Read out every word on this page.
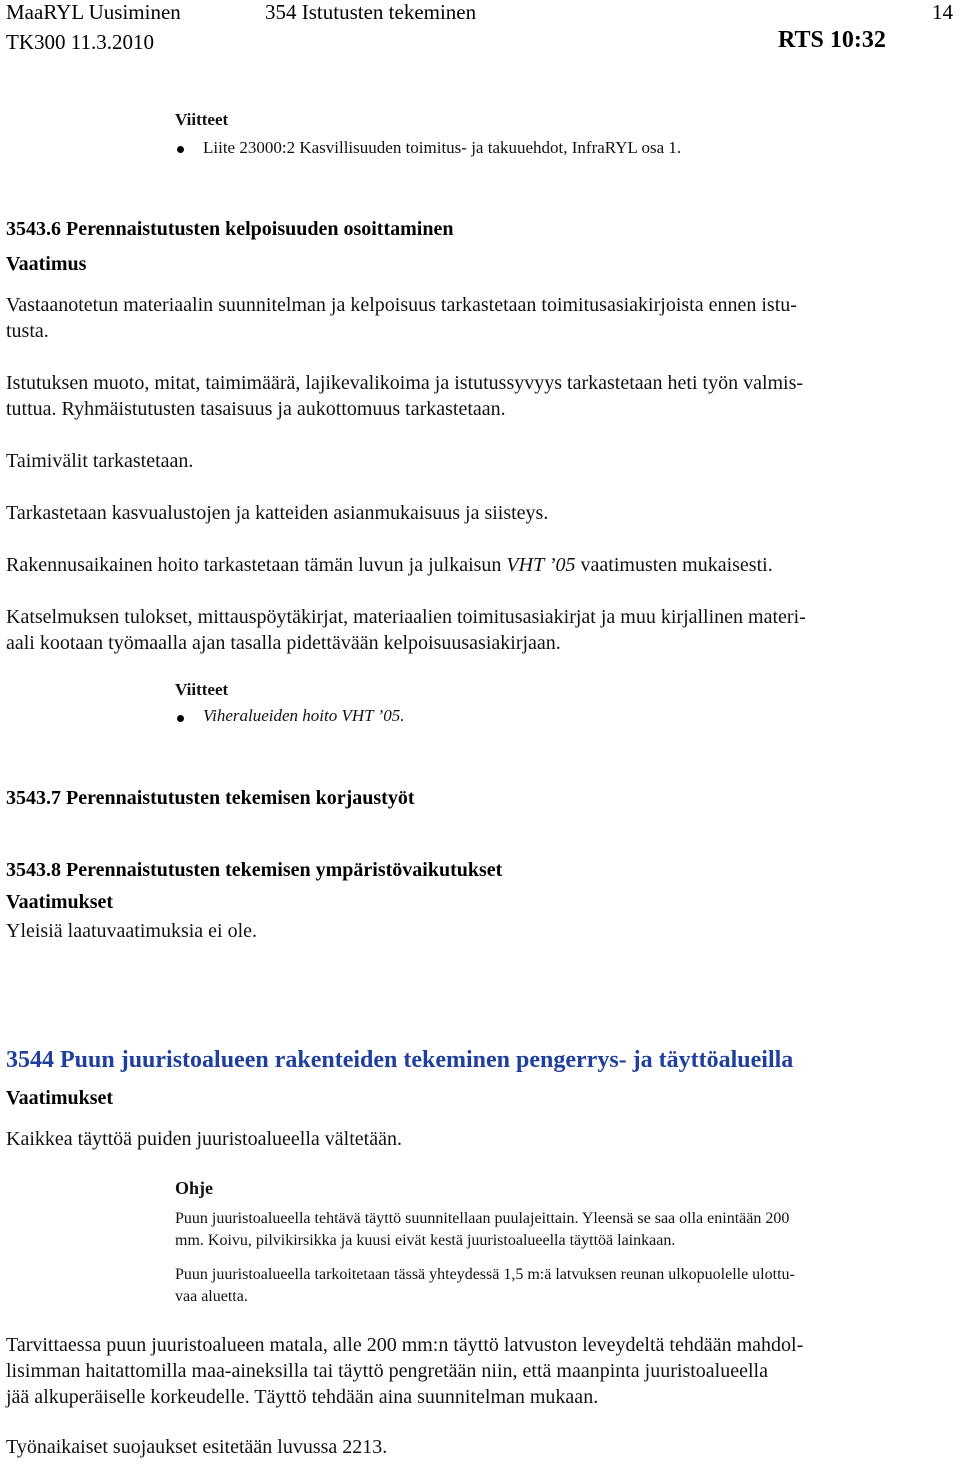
MaaRYL Uusiminen	354 Istutusten tekeminen	14
TK300 11.3.2010	RTS 10:32
Viitteet
Liite 23000:2 Kasvillisuuden toimitus- ja takuuehdot, InfraRYL osa 1.
3543.6 Perennaistutusten kelpoisuuden osoittaminen
Vaatimus
Vastaanotetun materiaalin suunnitelman ja kelpoisuus tarkastetaan toimitusasiakirjoista ennen istu-
tusta.
Istutuksen muoto, mitat, taimimäärä, lajikevalikoima ja istutussyvyys tarkastetaan heti työn valmis-
tuttua. Ryhmäistutusten tasaisuus ja aukottomuus tarkastetaan.
Taimivälit tarkastetaan.
Tarkastetaan kasvualustojen ja katteiden asianmukaisuus ja siisteys.
Rakennusaikainen hoito tarkastetaan tämän luvun ja julkaisun VHT ’05 vaatimusten mukaisesti.
Katselmuksen tulokset, mittauspöytäkirjat, materiaalien toimitusasiakirjat ja muu kirjallinen materi-
aali kootaan työmaalla ajan tasalla pidettävään kelpoisuusasiakirjaan.
Viitteet
Viheralueiden hoito VHT ’05.
3543.7 Perennaistutusten tekemisen korjaustyöt
3543.8 Perennaistutusten tekemisen ympäristövaikutukset
Vaatimukset
Yleisiä laatuvaatimuksia ei ole.
3544 Puun juuristoalueen rakenteiden tekeminen pengerrys- ja täyttöalueilla
Vaatimukset
Kaikkea täyttöä puiden juuristoalueella vältetään.
Ohje
Puun juuristoalueella tehtävä täyttö suunnitellaan puulajeittain. Yleensä se saa olla enintään 200
mm. Koivu, pilvikirsikka ja kuusi eivät kestä juuristoalueella täyttöä lainkaan.
Puun juuristoalueella tarkoitetaan tässä yhteydessä 1,5 m:ä latvuksen reunan ulkopuolelle ulottu-
vaa aluetta.
Tarvittaessa puun juuristoalueen matala, alle 200 mm:n täyttö latvuston leveydeltä tehdään mahdol-
lisimman haitattomilla maa-aineksilla tai täyttö pengretään niin, että maanpinta juuristoalueella
jää alkuperäiselle korkeudelle. Täyttö tehdään aina suunnitelman mukaan.
Työnaikaiset suojaukset esitetään luvussa 2213.
